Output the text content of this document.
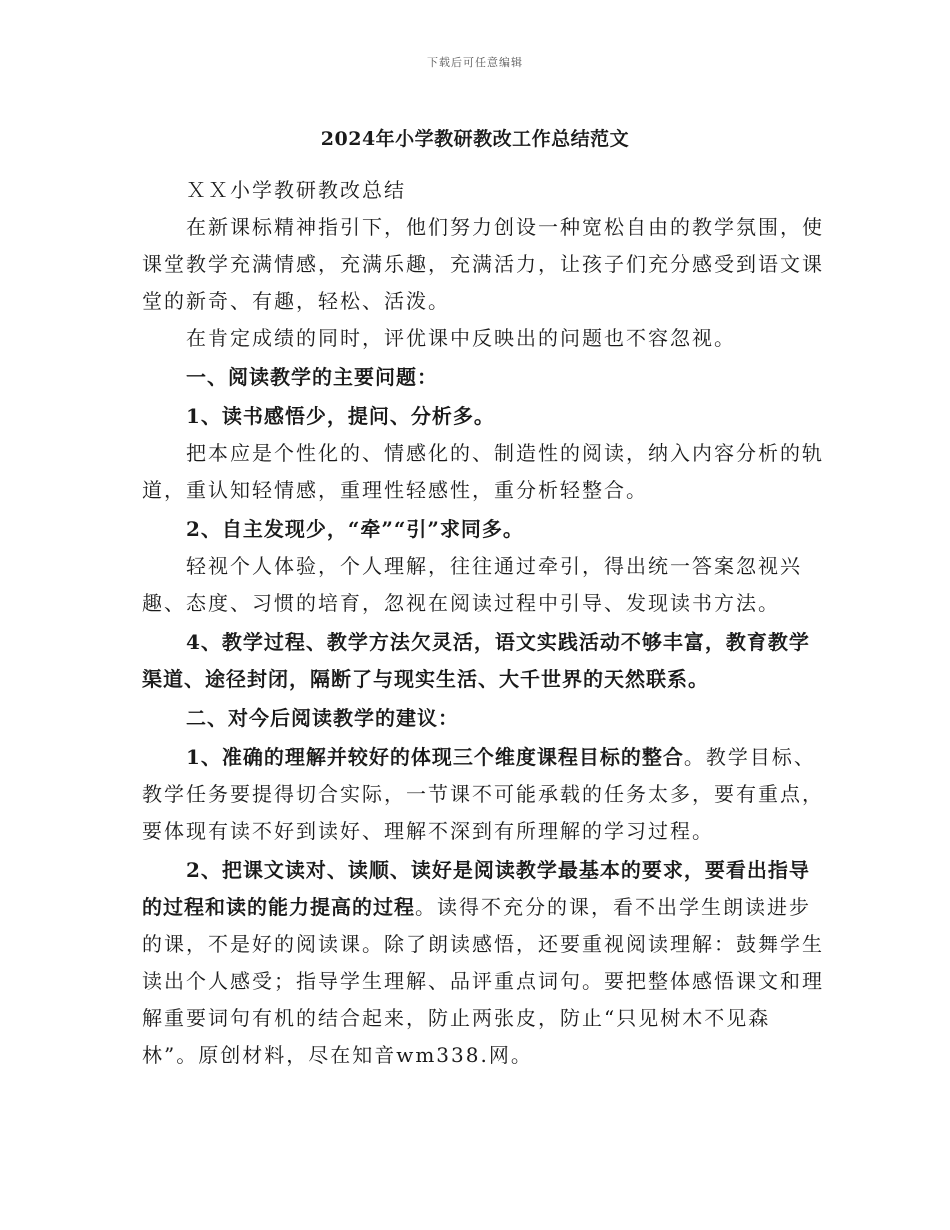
下载后可任意编辑
2024年小学教研教改工作总结范文

ＸＸ小学教研教改总结

在新课标精神指引下，他们努力创设一种宽松自由的教学氛围，使课堂教学充满情感，充满乐趣，充满活力，让孩子们充分感受到语文课堂的新奇、有趣，轻松、活泼。

在肯定成绩的同时，评优课中反映出的问题也不容忽视。

一、阅读教学的主要问题：

1、读书感悟少，提问、分析多。

把本应是个性化的、情感化的、制造性的阅读，纳入内容分析的轨道，重认知轻情感，重理性轻感性，重分析轻整合。

2、自主发现少，“牵”“引”求同多。

轻视个人体验，个人理解，往往通过牵引，得出统一答案忽视兴趣、态度、习惯的培育，忽视在阅读过程中引导、发现读书方法。

4、教学过程、教学方法欠灵活，语文实践活动不够丰富，教育教学渠道、途径封闭，隔断了与现实生活、大千世界的天然联系。

二、对今后阅读教学的建议：

1、准确的理解并较好的体现三个维度课程目标的整合。教学目标、教学任务要提得切合实际，一节课不可能承载的任务太多，要有重点，要体现有读不好到读好、理解不深到有所理解的学习过程。

2、把课文读对、读顺、读好是阅读教学最基本的要求，要看出指导的过程和读的能力提高的过程。读得不充分的课，看不出学生朗读进步的课，不是好的阅读课。除了朗读感悟，还要重视阅读理解：鼓舞学生读出个人感受；指导学生理解、品评重点词句。要把整体感悟课文和理解重要词句有机的结合起来，防止两张皮，防止“只见树木不见森林”。原创材料，尽在知音wm338.网。
